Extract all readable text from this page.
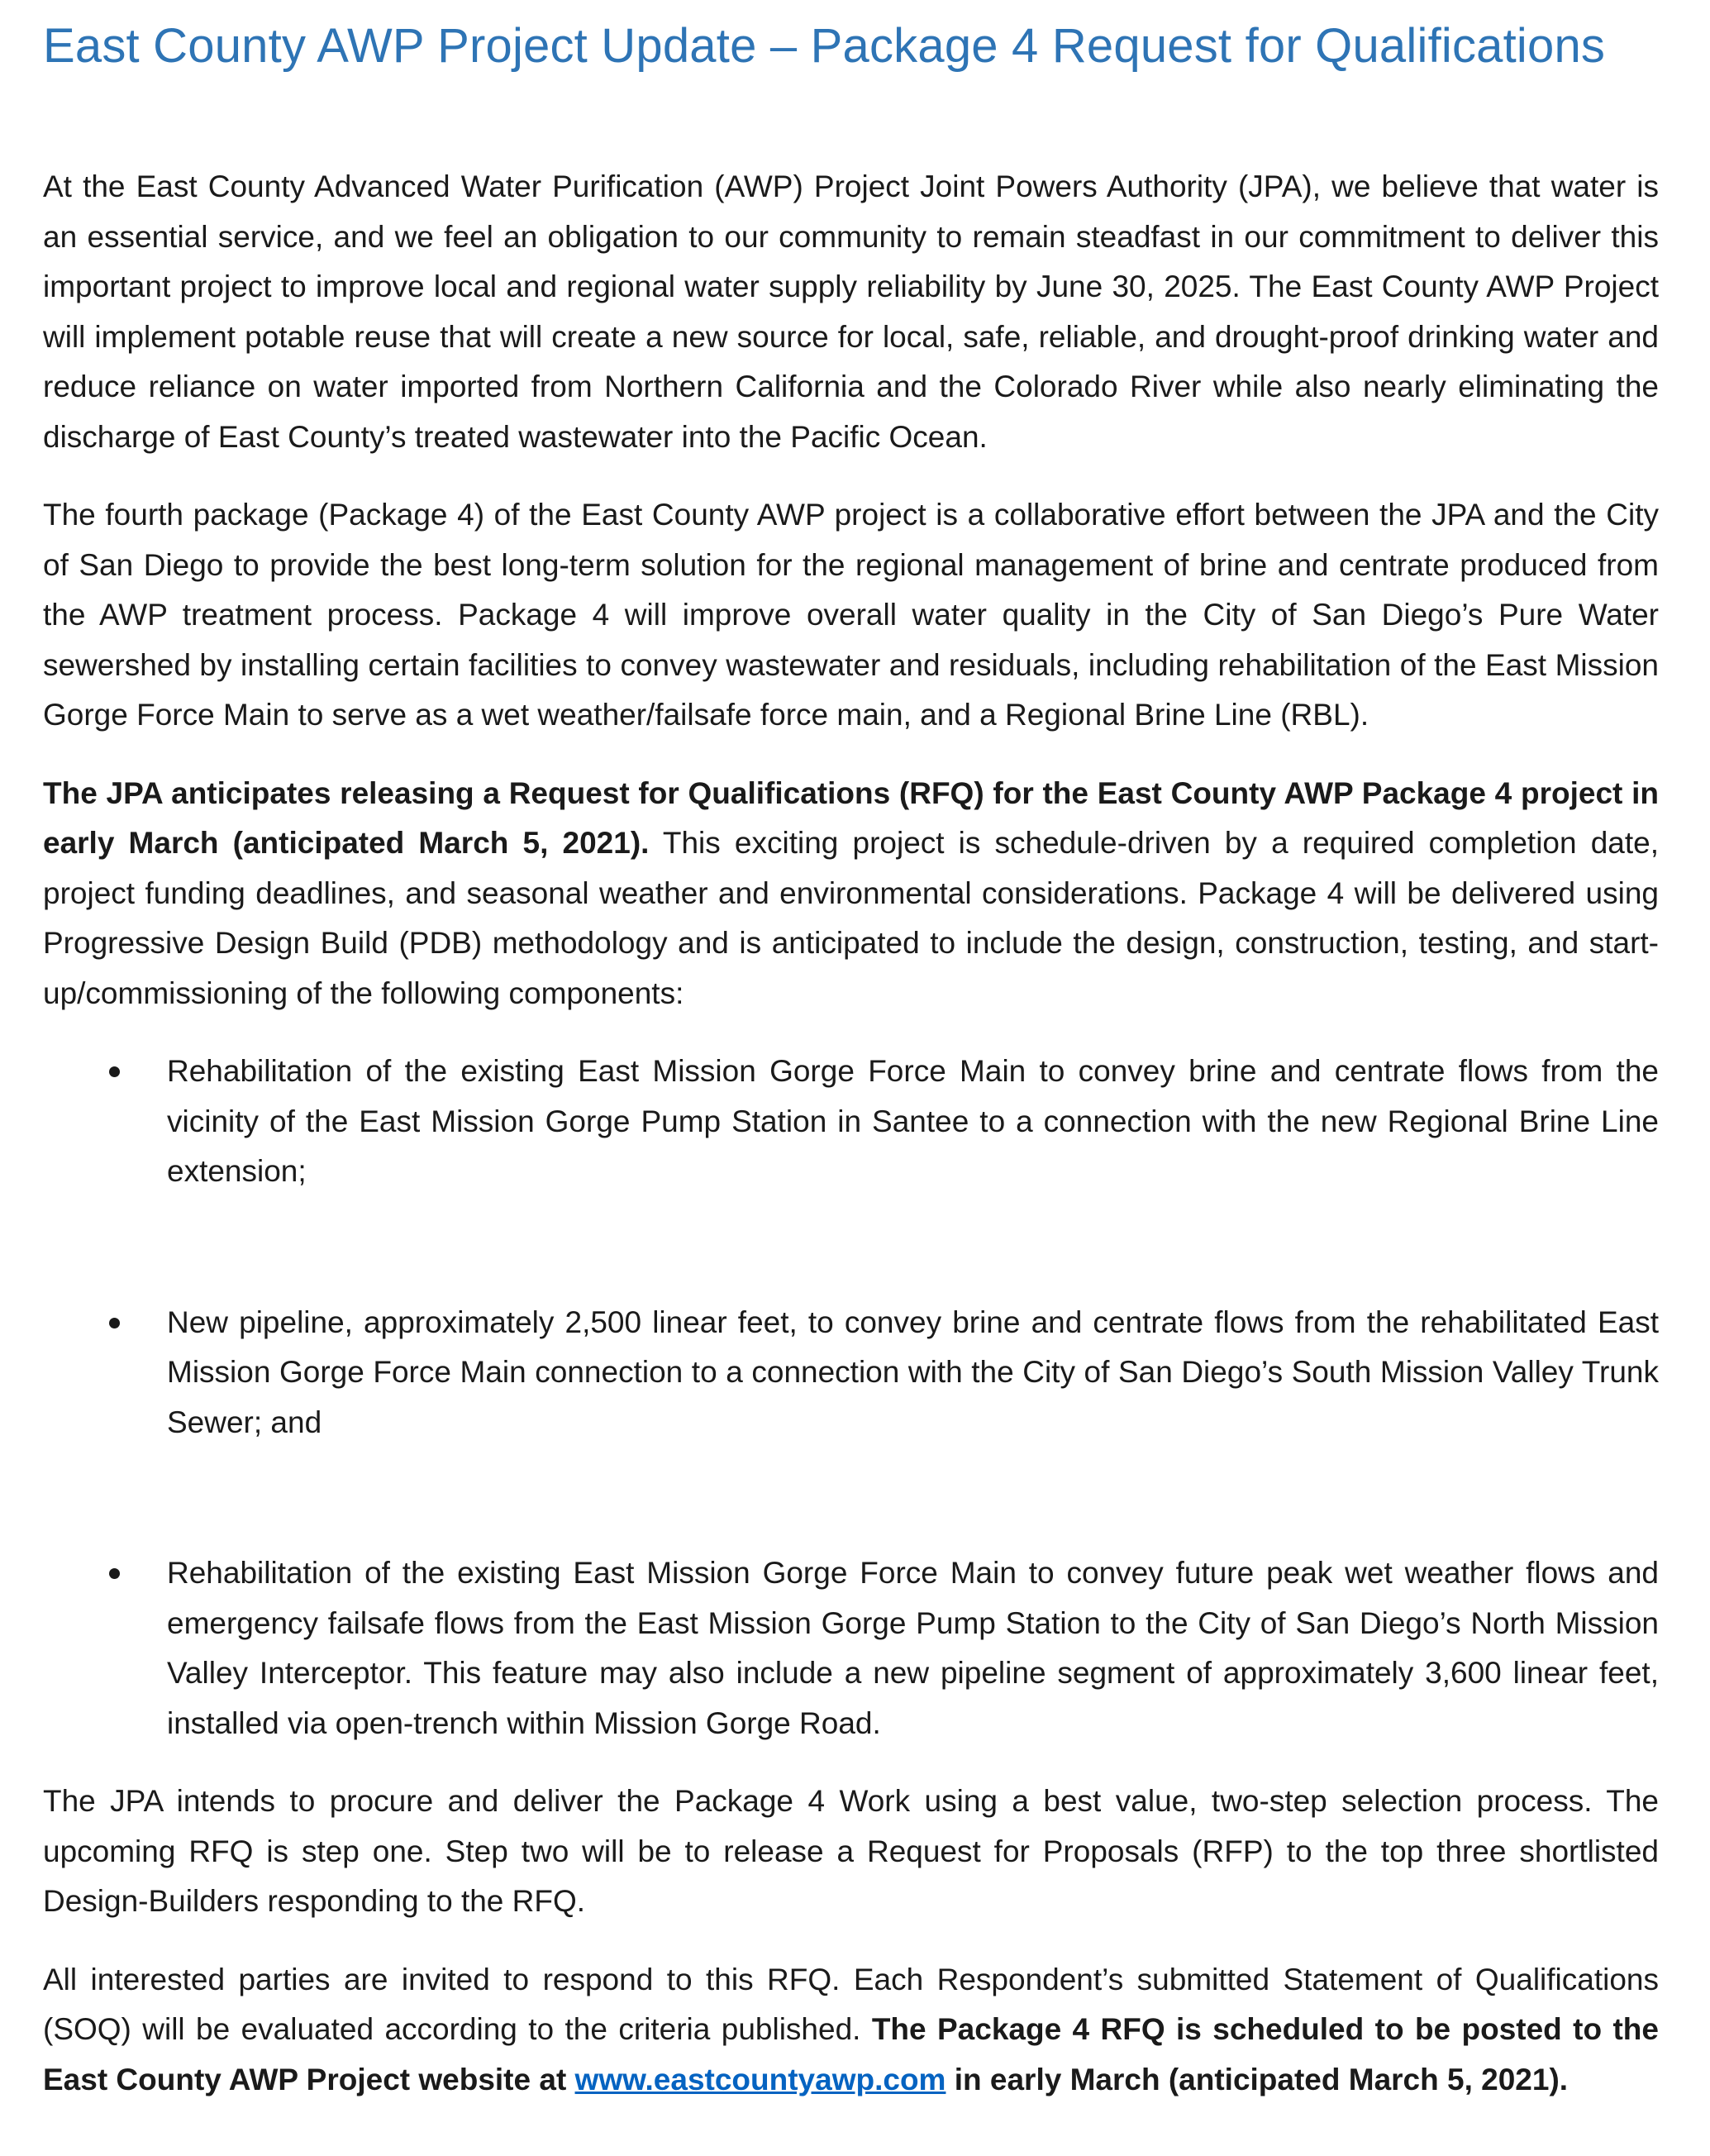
East County AWP Project Update – Package 4 Request for Qualifications

At the East County Advanced Water Purification (AWP) Project Joint Powers Authority (JPA), we believe that water is an essential service, and we feel an obligation to our community to remain steadfast in our commitment to deliver this important project to improve local and regional water supply reliability by June 30, 2025. The East County AWP Project will implement potable reuse that will create a new source for local, safe, reliable, and drought-proof drinking water and reduce reliance on water imported from Northern California and the Colorado River while also nearly eliminating the discharge of East County’s treated wastewater into the Pacific Ocean.

The fourth package (Package 4) of the East County AWP project is a collaborative effort between the JPA and the City of San Diego to provide the best long-term solution for the regional management of brine and centrate produced from the AWP treatment process. Package 4 will improve overall water quality in the City of San Diego’s Pure Water sewershed by installing certain facilities to convey wastewater and residuals, including rehabilitation of the East Mission Gorge Force Main to serve as a wet weather/failsafe force main, and a Regional Brine Line (RBL).

The JPA anticipates releasing a Request for Qualifications (RFQ) for the East County AWP Package 4 project in early March (anticipated March 5, 2021). This exciting project is schedule-driven by a required completion date, project funding deadlines, and seasonal weather and environmental considerations. Package 4 will be delivered using Progressive Design Build (PDB) methodology and is anticipated to include the design, construction, testing, and start-up/commissioning of the following components:

Rehabilitation of the existing East Mission Gorge Force Main to convey brine and centrate flows from the vicinity of the East Mission Gorge Pump Station in Santee to a connection with the new Regional Brine Line extension;
New pipeline, approximately 2,500 linear feet, to convey brine and centrate flows from the rehabilitated East Mission Gorge Force Main connection to a connection with the City of San Diego’s South Mission Valley Trunk Sewer; and
Rehabilitation of the existing East Mission Gorge Force Main to convey future peak wet weather flows and emergency failsafe flows from the East Mission Gorge Pump Station to the City of San Diego’s North Mission Valley Interceptor. This feature may also include a new pipeline segment of approximately 3,600 linear feet, installed via open-trench within Mission Gorge Road.

The JPA intends to procure and deliver the Package 4 Work using a best value, two-step selection process. The upcoming RFQ is step one. Step two will be to release a Request for Proposals (RFP) to the top three shortlisted Design-Builders responding to the RFQ.

All interested parties are invited to respond to this RFQ. Each Respondent’s submitted Statement of Qualifications (SOQ) will be evaluated according to the criteria published. The Package 4 RFQ is scheduled to be posted to the East County AWP Project website at www.eastcountyawp.com in early March (anticipated March 5, 2021).
